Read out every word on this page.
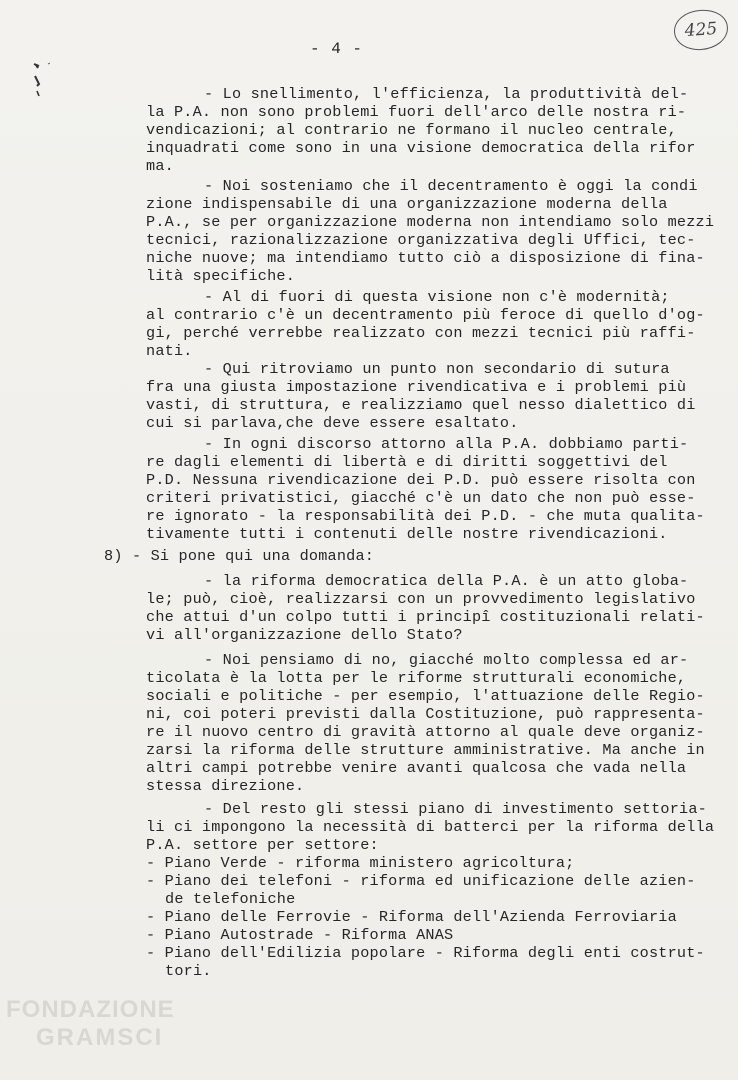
- 4 -
425
- Lo snellimento, l'efficienza, la produttività del-
la P.A. non sono problemi fuori dell'arco delle nostra ri-
vendicazioni; al contrario ne formano il nucleo centrale,
inquadrati come sono in una visione democratica della rifor
ma.
- Noi sosteniamo che il decentramento è oggi la condi
zione indispensabile di una organizzazione moderna della
P.A., se per organizzazione moderna non intendiamo solo mezzi
tecnici, razionalizzazione organizzativa degli Uffici, tec-
niche nuove; ma intendiamo tutto ciò a disposizione di fina-
lità specifiche.
- Al di fuori di questa visione non c'è modernità;
al contrario c'è un decentramento più feroce di quello d'og-
gi, perché verrebbe realizzato con mezzi tecnici più raffi-
nati.
- Qui ritroviamo un punto non secondario di sutura
fra una giusta impostazione rivendicativa e i problemi più
vasti, di struttura, e realizziamo quel nesso dialettico di
cui si parlava,che deve essere esaltato.
- In ogni discorso attorno alla P.A. dobbiamo parti-
re dagli elementi di libertà e di diritti soggettivi del
P.D. Nessuna rivendicazione dei P.D. può essere risolta con
criteri privatistici, giacché c'è un dato che non può esse-
re ignorato - la responsabilità dei P.D. - che muta qualita-
tivamente tutti i contenuti delle nostre rivendicazioni.
8) - Si pone qui una domanda:
- la riforma democratica della P.A. è un atto globa-
le; può, cioè, realizzarsi con un provvedimento legislativo
che attui d'un colpo tutti i principî costituzionali relati-
vi all'organizzazione dello Stato?
- Noi pensiamo di no, giacché molto complessa ed ar-
ticolata è la lotta per le riforme strutturali economiche,
sociali e politiche - per esempio, l'attuazione delle Regio-
ni, coi poteri previsti dalla Costituzione, può rappresenta-
re il nuovo centro di gravità attorno al quale deve organiz-
zarsi la riforma delle strutture amministrative. Ma anche in
altri campi potrebbe venire avanti qualcosa che vada nella
stessa direzione.
- Del resto gli stessi piano di investimento settoria-
li ci impongono la necessità di batterci per la riforma della
P.A. settore per settore:
- Piano Verde - riforma ministero agricoltura;
- Piano dei telefoni - riforma ed unificazione delle azien-
de telefoniche
- Piano delle Ferrovie - Riforma dell'Azienda Ferroviaria
- Piano Autostrade - Riforma ANAS
- Piano dell'Edilizia popolare - Riforma degli enti costrut-
tori.
FONDAZIONE
GRAMSCI
